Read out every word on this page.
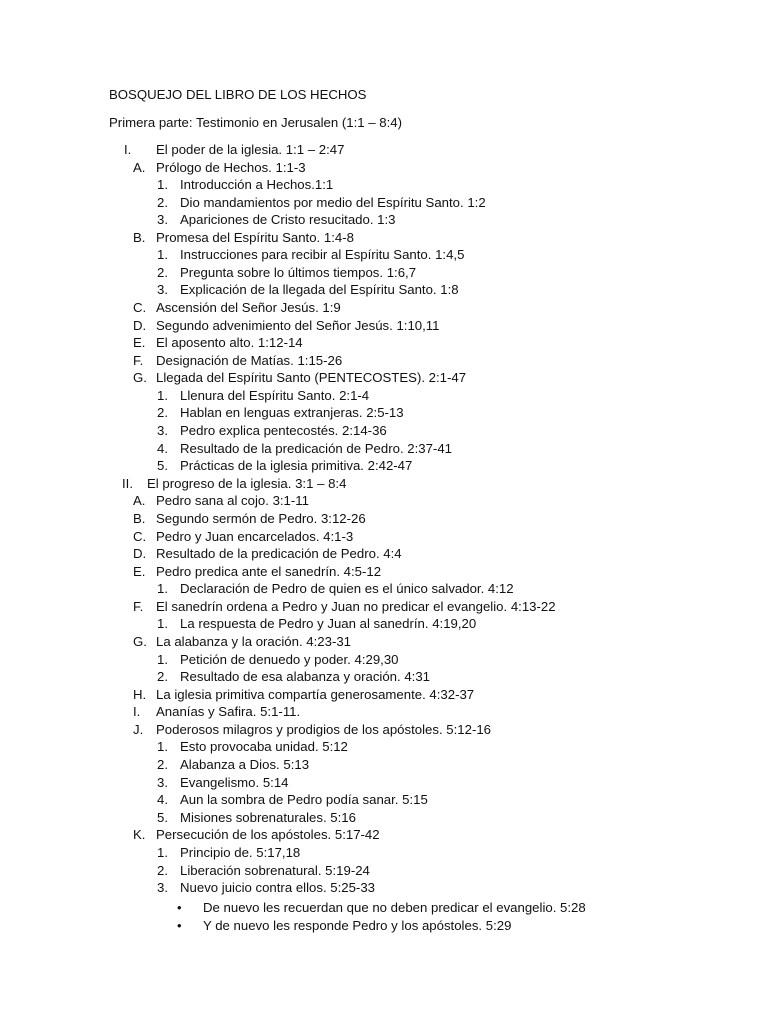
BOSQUEJO DEL LIBRO DE LOS HECHOS
Primera parte: Testimonio en Jerusalen (1:1 – 8:4)
I. El poder de la iglesia. 1:1 – 2:47
A. Prólogo de Hechos. 1:1-3
1. Introducción a Hechos.1:1
2. Dio mandamientos por medio del Espíritu Santo. 1:2
3. Apariciones de Cristo resucitado. 1:3
B. Promesa del Espíritu Santo. 1:4-8
1. Instrucciones para recibir al Espíritu Santo. 1:4,5
2. Pregunta sobre lo últimos tiempos. 1:6,7
3. Explicación de la llegada del Espíritu Santo. 1:8
C. Ascensión del Señor Jesús. 1:9
D. Segundo advenimiento del Señor Jesús. 1:10,11
E. El aposento alto. 1:12-14
F. Designación de Matías. 1:15-26
G. Llegada del Espíritu Santo (PENTECOSTES). 2:1-47
1. Llenura del Espíritu Santo. 2:1-4
2. Hablan en lenguas extranjeras. 2:5-13
3. Pedro explica pentecostés. 2:14-36
4. Resultado de la predicación de Pedro. 2:37-41
5. Prácticas de la iglesia primitiva. 2:42-47
II. El progreso de la iglesia. 3:1 – 8:4
A. Pedro sana al cojo. 3:1-11
B. Segundo sermón de Pedro. 3:12-26
C. Pedro y Juan encarcelados. 4:1-3
D. Resultado de la predicación de Pedro. 4:4
E. Pedro predica ante el sanedrín. 4:5-12
1. Declaración de Pedro de quien es el único salvador. 4:12
F. El sanedrín ordena a Pedro y Juan no predicar el evangelio. 4:13-22
1. La respuesta de Pedro y Juan al sanedrín. 4:19,20
G. La alabanza y la oración. 4:23-31
1. Petición de denuedo y poder. 4:29,30
2. Resultado de esa alabanza y oración. 4:31
H. La iglesia primitiva compartía generosamente. 4:32-37
I. Ananías y Safira. 5:1-11.
J. Poderosos milagros y prodigios de los apóstoles. 5:12-16
1. Esto provocaba unidad. 5:12
2. Alabanza a Dios. 5:13
3. Evangelismo. 5:14
4. Aun la sombra de Pedro podía sanar. 5:15
5. Misiones sobrenaturales. 5:16
K. Persecución de los apóstoles. 5:17-42
1. Principio de. 5:17,18
2. Liberación sobrenatural. 5:19-24
3. Nuevo juicio contra ellos. 5:25-33
• De nuevo les recuerdan que no deben predicar el evangelio. 5:28
• Y de nuevo les responde Pedro y los apóstoles. 5:29
